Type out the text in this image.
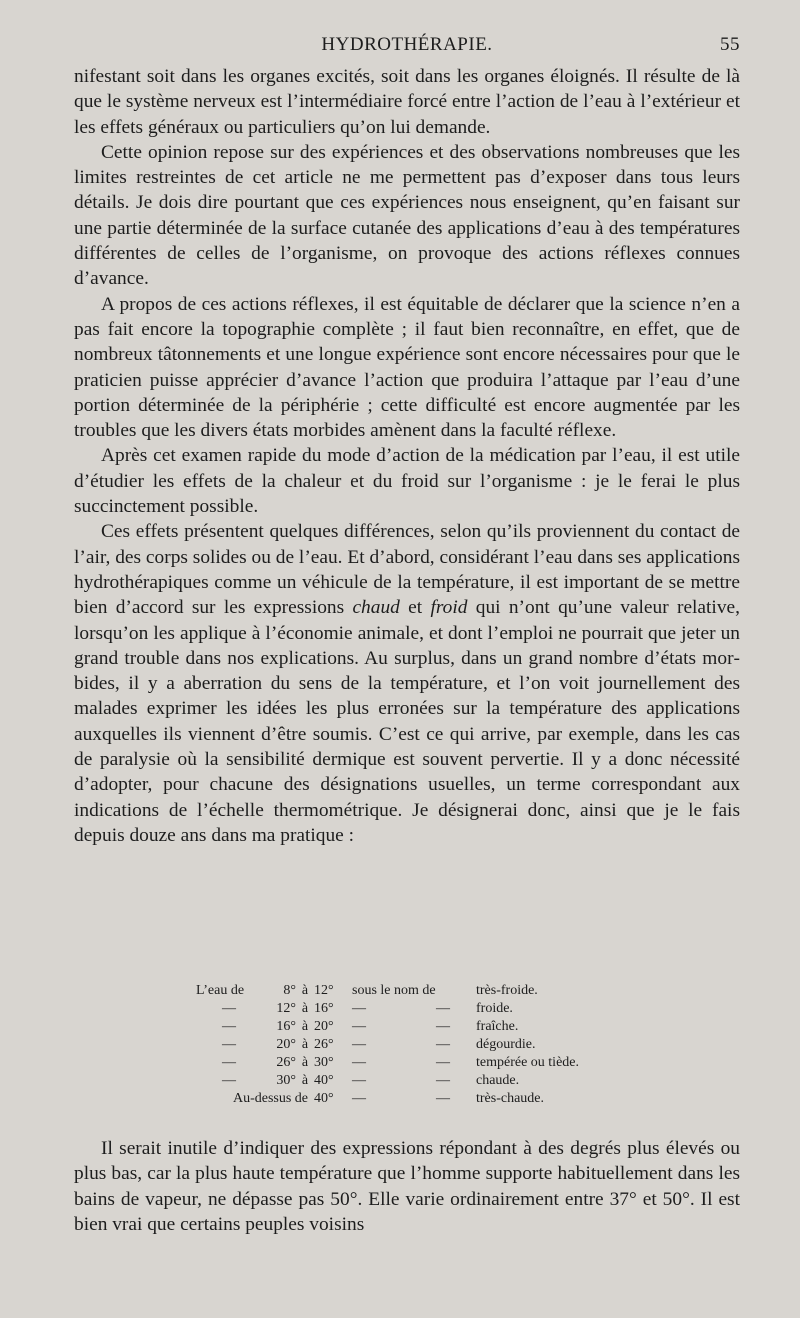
HYDROTHÉRAPIE.	55

nifestant soit dans les organes excités, soit dans les organes éloignés. Il résulte de là que le système nerveux est l’intermédiaire forcé entre l’action de l’eau à l’extérieur et les effets généraux ou particuliers qu’on lui demande.

Cette opinion repose sur des expériences et des observations nombreuses que les limites restreintes de cet article ne me permettent pas d’exposer dans tous leurs détails. Je dois dire pourtant que ces expériences nous enseignent, qu’en faisant sur une partie déterminée de la surface cutanée des applications d’eau à des températures différentes de celles de l’organisme, on provoque des actions réflexes connues d’avance.

A propos de ces actions réflexes, il est équitable de déclarer que la science n’en a pas fait encore la topographie complète ; il faut bien reconnaître, en effet, que de nombreux tâtonnements et une longue expérience sont encore nécessaires pour que le praticien puisse apprécier d’avance l’action que produira l’attaque par l’eau d’une portion déterminée de la périphérie ; cette difficulté est encore augmentée par les troubles que les divers états morbides amènent dans la faculté réflexe.

Après cet examen rapide du mode d’action de la médication par l’eau, il est utile d’étudier les effets de la chaleur et du froid sur l’organisme : je le ferai le plus succinctement possible.

Ces effets présentent quelques différences, selon qu’ils proviennent du contact de l’air, des corps solides ou de l’eau. Et d’abord, considérant l’eau dans ses applications hydrothérapiques comme un véhicule de la température, il est important de se mettre bien d’accord sur les expressions chaud et froid qui n’ont qu’une valeur relative, lorsqu’on les applique à l’économie animale, et dont l’emploi ne pourrait que jeter un grand trouble dans nos explications. Au surplus, dans un grand nombre d’états morbides, il y a aberration du sens de la température, et l’on voit journellement des malades exprimer les idées les plus erronées sur la température des applications auxquelles ils viennent d’être soumis. C’est ce qui arrive, par exemple, dans les cas de paralysie où la sensibilité dermique est souvent pervertie. Il y a donc nécessité d’adopter, pour chacune des désignations usuelles, un terme correspondant aux indications de l’échelle thermométrique. Je désignerai donc, ainsi que je le fais depuis douze ans dans ma pratique :

L’eau de	8°	à	12°	sous le nom de		très-froide.
—	12°	à	16°	—	—	froide.
—	16°	à	20°	—	—	fraîche.
—	20°	à	26°	—	—	dégourdie.
—	26°	à	30°	—	—	tempérée ou tiède.
—	30°	à	40°	—	—	chaude.
Au-dessus de			40°	—	—	très-chaude.

Il serait inutile d’indiquer des expressions répondant à des degrés plus élevés ou plus bas, car la plus haute température que l’homme supporte habituellement dans les bains de vapeur, ne dépasse pas 50°. Elle varie ordinairement entre 37° et 50°. Il est bien vrai que certains peuples voisins
